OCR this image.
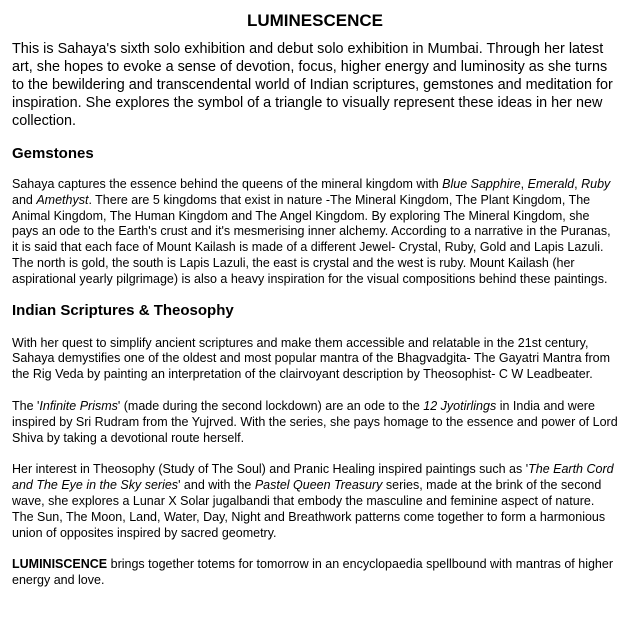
LUMINESCENCE

This is Sahaya's sixth solo exhibition and debut solo exhibition in Mumbai. Through her latest art, she hopes to evoke a sense of devotion, focus, higher energy and luminosity as she turns to the bewildering and transcendental world of Indian scriptures, gemstones and meditation for inspiration. She explores the symbol of a triangle to visually represent these ideas in her new collection.

Gemstones

Sahaya captures the essence behind the queens of the mineral kingdom with Blue Sapphire, Emerald, Ruby and Amethyst. There are 5 kingdoms that exist in nature -The Mineral Kingdom, The Plant Kingdom, The Animal Kingdom, The Human Kingdom and The Angel Kingdom. By exploring The Mineral Kingdom, she pays an ode to the Earth's crust and it's mesmerising inner alchemy. According to a narrative in the Puranas, it is said that each face of Mount Kailash is made of a different Jewel- Crystal, Ruby, Gold and Lapis Lazuli. The north is gold, the south is Lapis Lazuli, the east is crystal and the west is ruby. Mount Kailash (her aspirational yearly pilgrimage) is also a heavy inspiration for the visual compositions behind these paintings.

Indian Scriptures & Theosophy

With her quest to simplify ancient scriptures and make them accessible and relatable in the 21st century, Sahaya demystifies one of the oldest and most popular mantra of the Bhagvadgita- The Gayatri Mantra from the Rig Veda by painting an interpretation of the clairvoyant description by Theosophist- C W Leadbeater.

The 'Infinite Prisms' (made during the second lockdown) are an ode to the 12 Jyotirlings in India and were inspired by Sri Rudram from the Yujrved. With the series, she pays homage to the essence and power of Lord Shiva by taking a devotional route herself.

Her interest in Theosophy (Study of The Soul) and Pranic Healing inspired paintings such as 'The Earth Cord and The Eye in the Sky series' and with the Pastel Queen Treasury series, made at the brink of the second wave, she explores a Lunar X Solar jugalbandi that embody the masculine and feminine aspect of nature. The Sun, The Moon, Land, Water, Day, Night and Breathwork patterns come together to form a harmonious union of opposites inspired by sacred geometry.

LUMINISCENCE brings together totems for tomorrow in an encyclopaedia spellbound with mantras of higher energy and love.
